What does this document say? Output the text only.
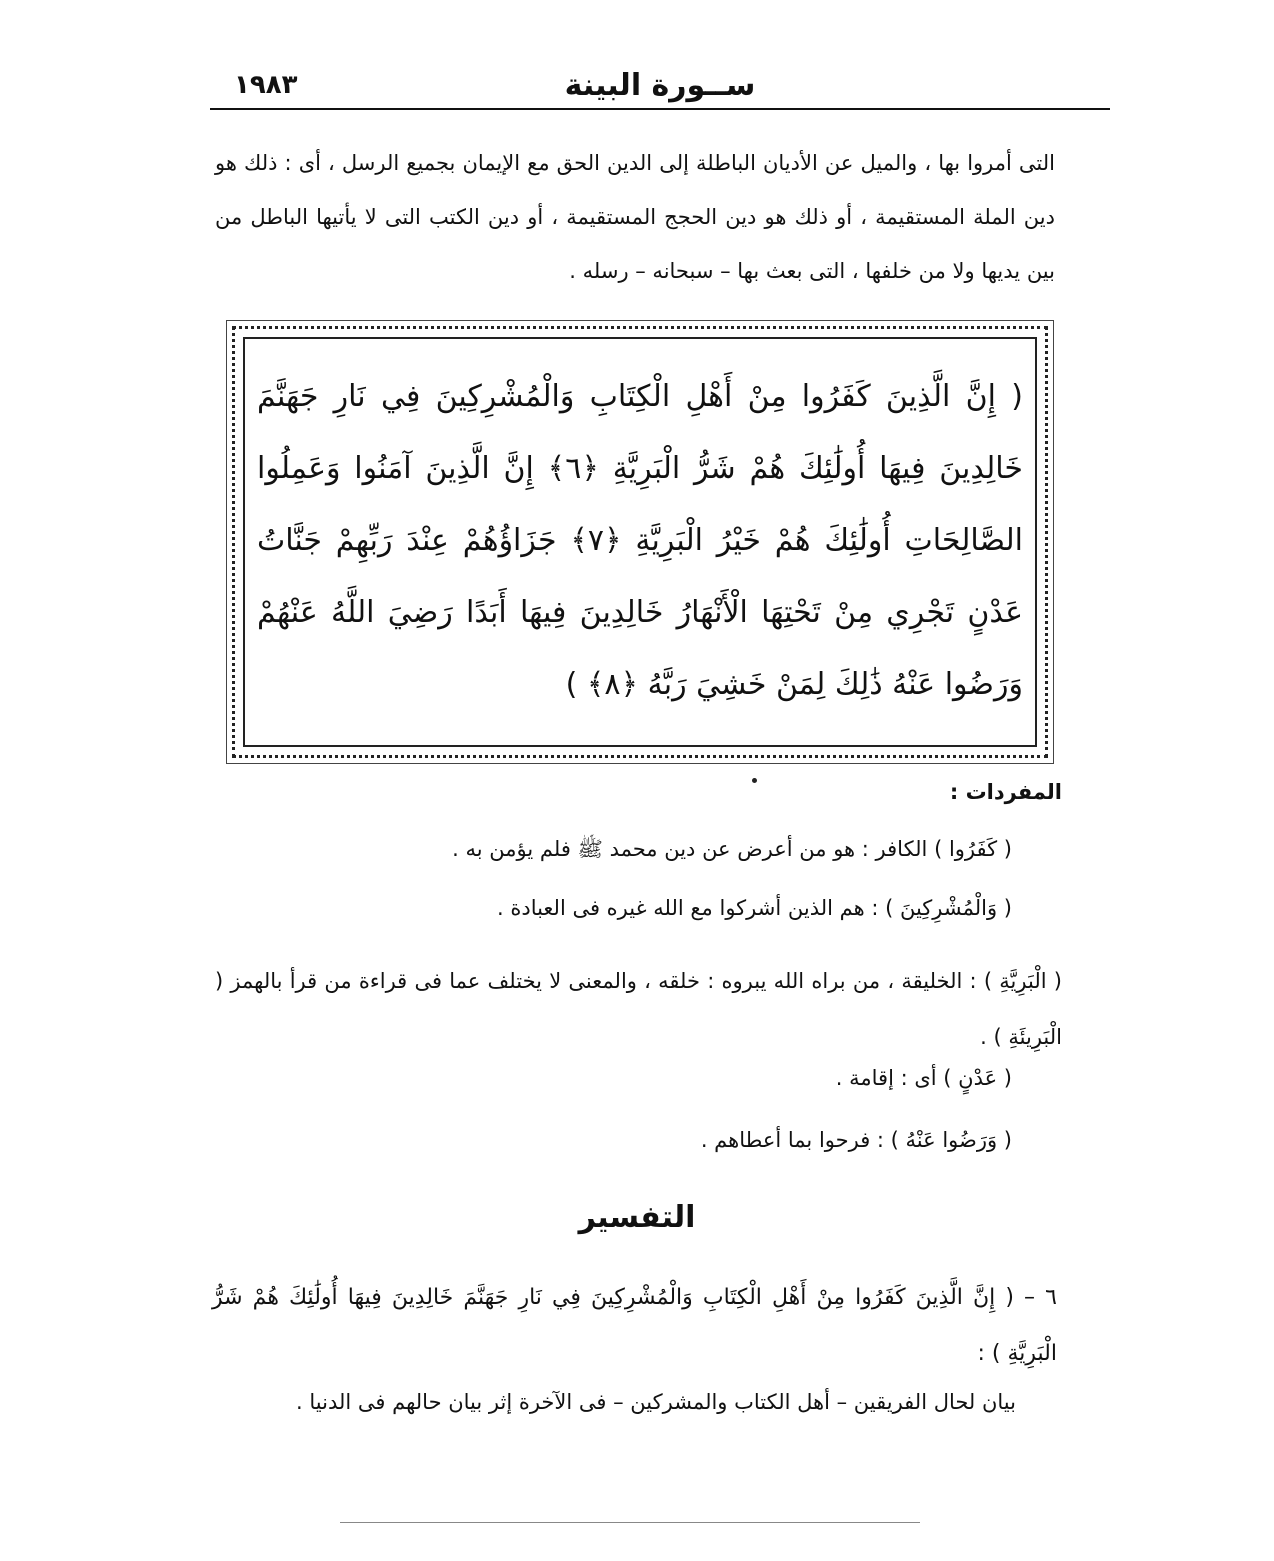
ســورة البينة
١٩٨٣
التى أمروا بها ، والميل عن الأديان الباطلة إلى الدين الحق مع الإيمان بجميع الرسل ، أى : ذلك هو دين الملة المستقيمة ، أو ذلك هو دين الحجج المستقيمة ، أو دين الكتب التى لا يأتيها الباطل من بين يديها ولا من خلفها ، التى بعث بها – سبحانه – رسله .
( إِنَّ الَّذِينَ كَفَرُوا مِنْ أَهْلِ الْكِتَابِ وَالْمُشْرِكِينَ فِي نَارِ جَهَنَّمَ خَالِدِينَ فِيهَا أُولَٰئِكَ هُمْ شَرُّ الْبَرِيَّةِ ﴿٦﴾ إِنَّ الَّذِينَ آمَنُوا وَعَمِلُوا الصَّالِحَاتِ أُولَٰئِكَ هُمْ خَيْرُ الْبَرِيَّةِ ﴿٧﴾ جَزَاؤُهُمْ عِنْدَ رَبِّهِمْ جَنَّاتُ عَدْنٍ تَجْرِي مِنْ تَحْتِهَا الْأَنْهَارُ خَالِدِينَ فِيهَا أَبَدًا رَضِيَ اللَّهُ عَنْهُمْ وَرَضُوا عَنْهُ ذَٰلِكَ لِمَنْ خَشِيَ رَبَّهُ ﴿٨﴾ )
المفردات :
( كَفَرُوا ) الكافر : هو من أعرض عن دين محمد ﷺ فلم يؤمن به .
( وَالْمُشْرِكِينَ ) : هم الذين أشركوا مع الله غيره فى العبادة .
( الْبَرِيَّةِ ) : الخليقة ، من براه الله يبروه : خلقه ، والمعنى لا يختلف عما فى قراءة من قرأ بالهمز ( الْبَرِيئَةِ ) .
( عَدْنٍ ) أى : إقامة .
( وَرَضُوا عَنْهُ ) : فرحوا بما أعطاهم .
التفسير
٦ – ( إِنَّ الَّذِينَ كَفَرُوا مِنْ أَهْلِ الْكِتَابِ وَالْمُشْرِكِينَ فِي نَارِ جَهَنَّمَ خَالِدِينَ فِيهَا أُولَٰئِكَ هُمْ شَرُّ الْبَرِيَّةِ ) :
بيان لحال الفريقين – أهل الكتاب والمشركين – فى الآخرة إثر بيان حالهم فى الدنيا .
